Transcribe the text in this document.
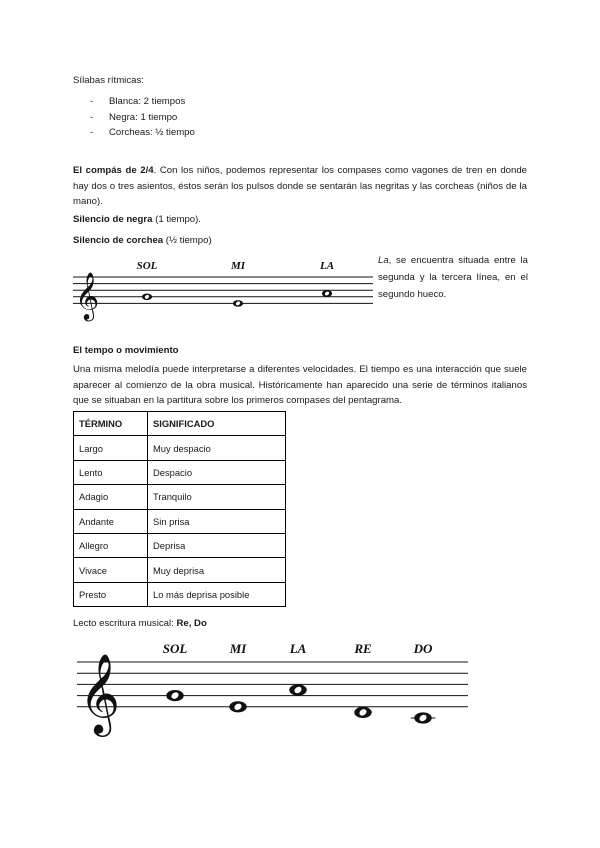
Sílabas rítmicas:

- Blanca: 2 tiempos
- Negra: 1 tiempo
- Corcheas: ½ tiempo

El compás de 2/4. Con los niños, podemos representar los compases como vagones de tren en donde hay dos o tres asientos, éstos serán los pulsos donde se sentarán las negritas y las corcheas (niños de la mano).

Silencio de negra (1 tiempo).

Silencio de corchea (½ tiempo)

𝄞
SOL	MI	LA	La, se encuentra situada entre la segunda y la tercera línea, en el segundo hueco.

El tempo o movimiento

Una misma melodía puede interpretarse a diferentes velocidades. El tiempo es una interacción que suele aparecer al comienzo de la obra musical. Históricamente han aparecido una serie de términos italianos que se situaban en la partitura sobre los primeros compases del pentagrama.

TÉRMINO	SIGNIFICADO
Largo	Muy despacio
Lento	Despacio
Adagio	Tranquilo
Andante	Sin prisa
Allegro	Deprisa
Vivace	Muy deprisa
Presto	Lo más deprisa posible

Lecto escritura musical: Re, Do

𝄞
SOL	MI	LA	RE	DO
